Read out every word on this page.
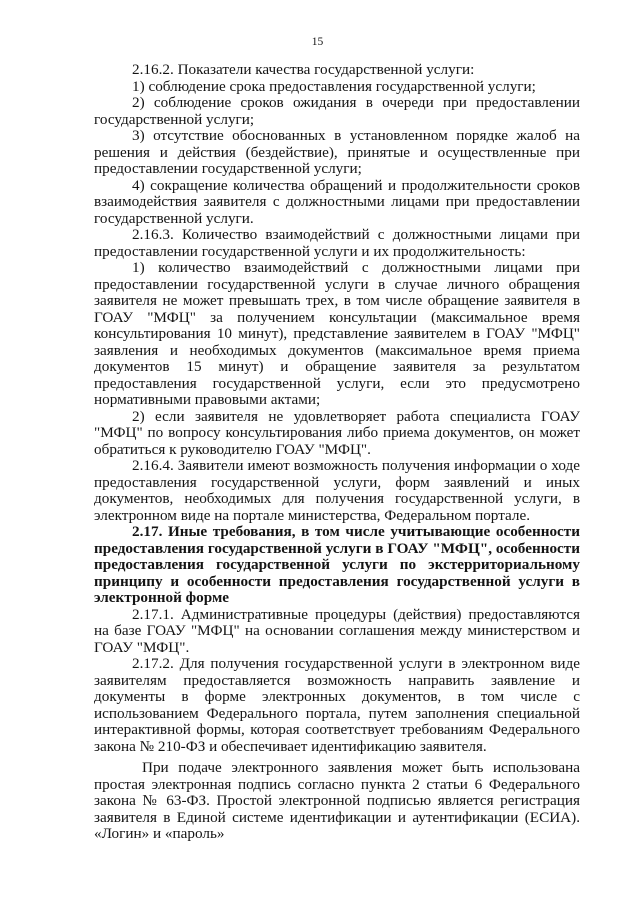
15

2.16.2. Показатели качества государственной услуги:

1) соблюдение срока предоставления государственной услуги;

2) соблюдение сроков ожидания в очереди при предоставлении государственной услуги;

3) отсутствие обоснованных в установленном порядке жалоб на решения и действия (бездействие), принятые и осуществленные при предоставлении государственной услуги;

4) сокращение количества обращений и продолжительности сроков взаимодействия заявителя с должностными лицами при предоставлении государственной услуги.

2.16.3. Количество взаимодействий с должностными лицами при предоставлении государственной услуги и их продолжительность:

1) количество взаимодействий с должностными лицами при предоставлении государственной услуги в случае личного обращения заявителя не может превышать трех, в том числе обращение заявителя в ГОАУ "МФЦ" за получением консультации (максимальное время консультирования 10 минут), представление заявителем в ГОАУ "МФЦ" заявления и необходимых документов (максимальное время приема документов 15 минут) и обращение заявителя за результатом предоставления государственной услуги, если это предусмотрено нормативными правовыми актами;

2) если заявителя не удовлетворяет работа специалиста ГОАУ "МФЦ" по вопросу консультирования либо приема документов, он может обратиться к руководителю ГОАУ "МФЦ".

2.16.4. Заявители имеют возможность получения информации о ходе предоставления государственной услуги, форм заявлений и иных документов, необходимых для получения государственной услуги, в электронном виде на портале министерства, Федеральном портале.

2.17. Иные требования, в том числе учитывающие особенности предоставления государственной услуги в ГОАУ "МФЦ", особенности предоставления государственной услуги по экстерриториальному принципу и особенности предоставления государственной услуги в электронной форме

2.17.1. Административные процедуры (действия) предоставляются на базе ГОАУ "МФЦ" на основании соглашения между министерством и ГОАУ "МФЦ".

2.17.2. Для получения государственной услуги в электронном виде заявителям предоставляется возможность направить заявление и документы в форме электронных документов, в том числе с использованием Федерального портала, путем заполнения специальной интерактивной формы, которая соответствует требованиям Федерального закона № 210-ФЗ и обеспечивает идентификацию заявителя.

При подаче электронного заявления может быть использована простая электронная подпись согласно пункта 2 статьи 6 Федерального закона № 63-ФЗ. Простой электронной подписью является регистрация заявителя в Единой системе идентификации и аутентификации (ЕСИА). «Логин» и «пароль»
